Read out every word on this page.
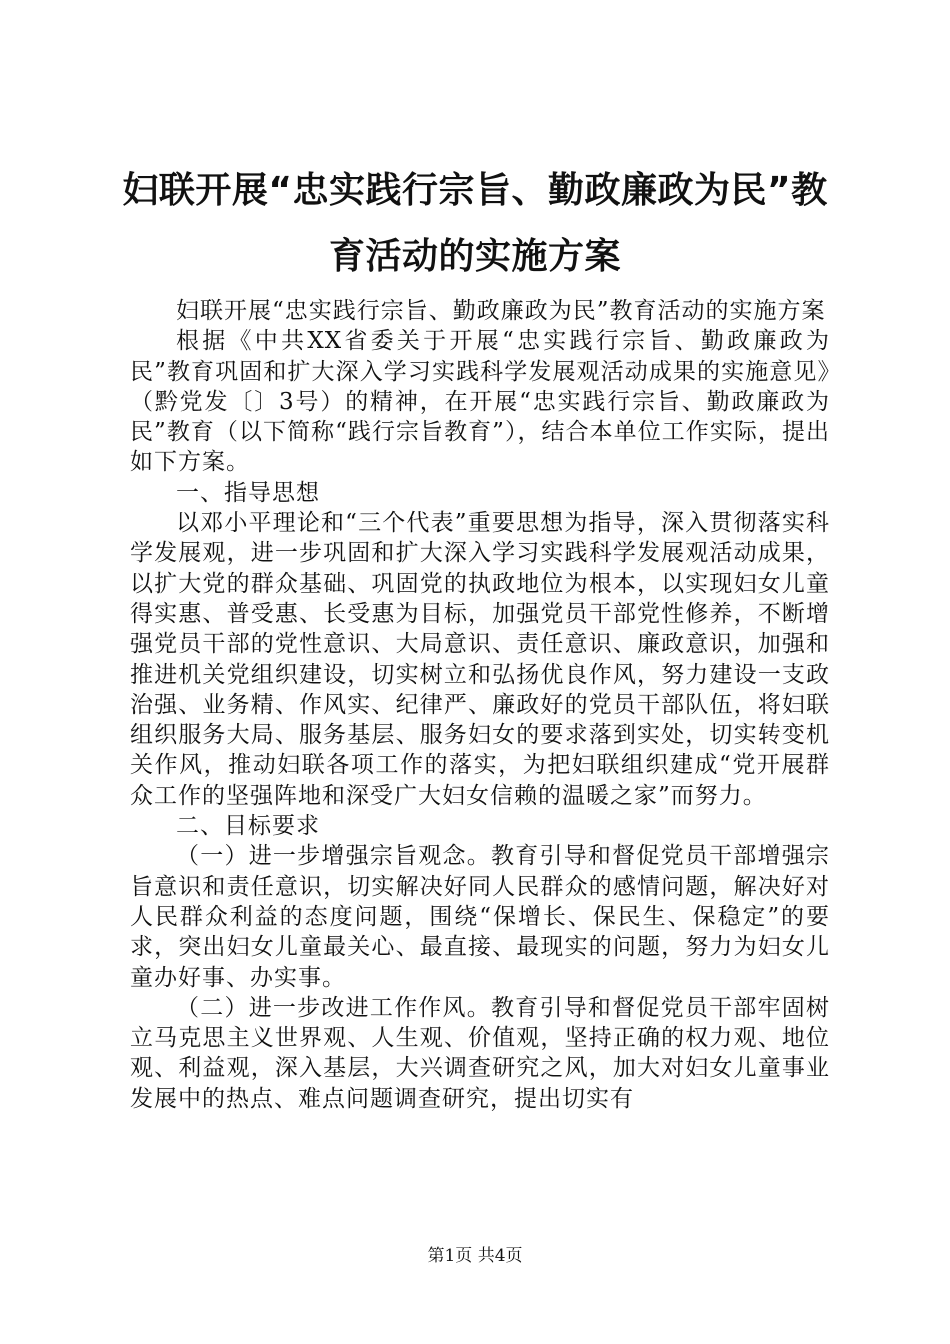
妇联开展“忠实践行宗旨、勤政廉政为民”教育活动的实施方案

妇联开展“忠实践行宗旨、勤政廉政为民”教育活动的实施方案

根据《中共XX省委关于开展“忠实践行宗旨、勤政廉政为民”教育巩固和扩大深入学习实践科学发展观活动成果的实施意见》（黔党发〔〕3号）的精神，在开展“忠实践行宗旨、勤政廉政为民”教育（以下简称“践行宗旨教育”），结合本单位工作实际，提出如下方案。

一、指导思想

以邓小平理论和“三个代表”重要思想为指导，深入贯彻落实科学发展观，进一步巩固和扩大深入学习实践科学发展观活动成果，以扩大党的群众基础、巩固党的执政地位为根本，以实现妇女儿童得实惠、普受惠、长受惠为目标，加强党员干部党性修养，不断增强党员干部的党性意识、大局意识、责任意识、廉政意识，加强和推进机关党组织建设，切实树立和弘扬优良作风，努力建设一支政治强、业务精、作风实、纪律严、廉政好的党员干部队伍，将妇联组织服务大局、服务基层、服务妇女的要求落到实处，切实转变机关作风，推动妇联各项工作的落实，为把妇联组织建成“党开展群众工作的坚强阵地和深受广大妇女信赖的温暖之家”而努力。

二、目标要求

（一）进一步增强宗旨观念。教育引导和督促党员干部增强宗旨意识和责任意识，切实解决好同人民群众的感情问题，解决好对人民群众利益的态度问题，围绕“保增长、保民生、保稳定”的要求，突出妇女儿童最关心、最直接、最现实的问题，努力为妇女儿童办好事、办实事。

（二）进一步改进工作作风。教育引导和督促党员干部牢固树立马克思主义世界观、人生观、价值观，坚持正确的权力观、地位观、利益观，深入基层，大兴调查研究之风，加大对妇女儿童事业发展中的热点、难点问题调查研究，提出切实有

第1页 共4页
